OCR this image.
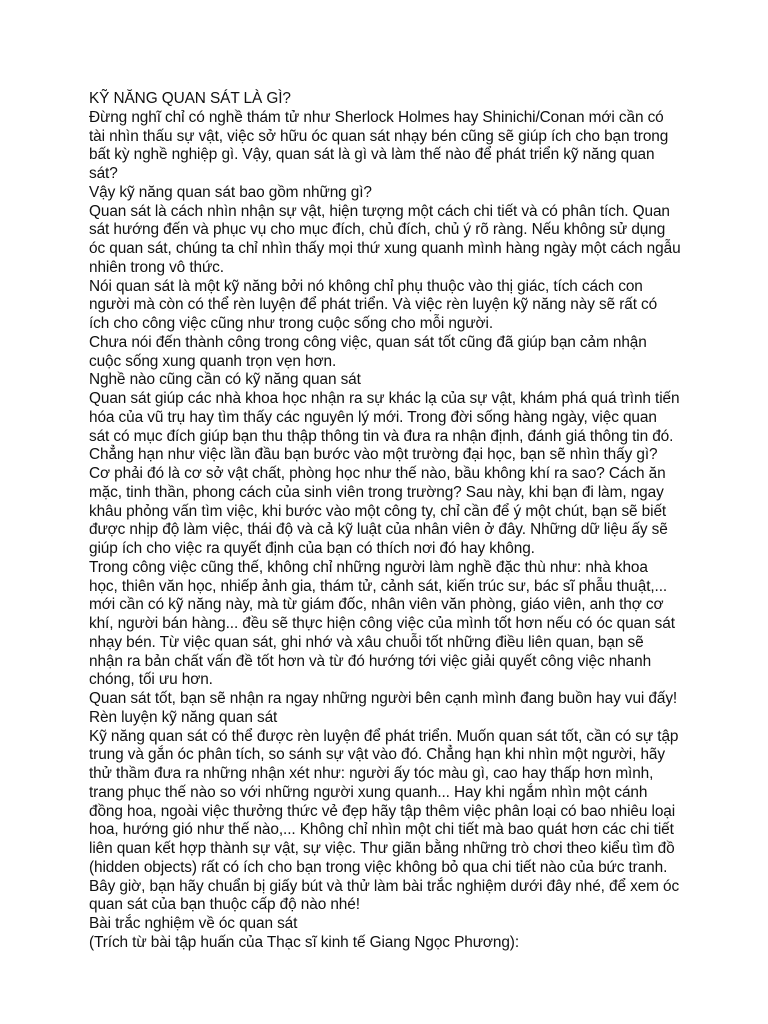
KỸ NĂNG QUAN SÁT LÀ GÌ?
Đừng nghĩ chỉ có nghề thám tử như Sherlock Holmes hay Shinichi/Conan mới cần có
tài nhìn thấu sự vật, việc sở hữu óc quan sát nhạy bén cũng sẽ giúp ích cho bạn trong
bất kỳ nghề nghiệp gì. Vậy, quan sát là gì và làm thế nào để phát triển kỹ năng quan
sát?
Vậy kỹ năng quan sát bao gồm những gì?
Quan sát là cách nhìn nhận sự vật, hiện tượng một cách chi tiết và có phân tích. Quan
sát hướng đến và phục vụ cho mục đích, chủ đích, chủ ý rõ ràng. Nếu không sử dụng
óc quan sát, chúng ta chỉ nhìn thấy mọi thứ xung quanh mình hàng ngày một cách ngẫu
nhiên trong vô thức.
Nói quan sát là một kỹ năng bởi nó không chỉ phụ thuộc vào thị giác, tích cách con
người mà còn có thể rèn luyện để phát triển. Và việc rèn luyện kỹ năng này sẽ rất có
ích cho công việc cũng như trong cuộc sống cho mỗi người.
Chưa nói đến thành công trong công việc, quan sát tốt cũng đã giúp bạn cảm nhận
cuộc sống xung quanh trọn vẹn hơn.
Nghề nào cũng cần có kỹ năng quan sát
Quan sát giúp các nhà khoa học nhận ra sự khác lạ của sự vật, khám phá quá trình tiến
hóa của vũ trụ hay tìm thấy các nguyên lý mới. Trong đời sống hàng ngày, việc quan
sát có mục đích giúp bạn thu thập thông tin và đưa ra nhận định, đánh giá thông tin đó.
Chẳng hạn như việc lần đầu bạn bước vào một trường đại học, bạn sẽ nhìn thấy gì?
Cơ phải đó là cơ sở vật chất, phòng học như thế nào, bầu không khí ra sao? Cách ăn
mặc, tinh thần, phong cách của sinh viên trong trường? Sau này, khi bạn đi làm, ngay
khâu phỏng vấn tìm việc, khi bước vào một công ty, chỉ cần để ý một chút, bạn sẽ biết
được nhịp độ làm việc, thái độ và cả kỹ luật của nhân viên ở đây. Những dữ liệu ấy sẽ
giúp ích cho việc ra quyết định của bạn có thích nơi đó hay không.
Trong công việc cũng thế, không chỉ những người làm nghề đặc thù như: nhà khoa
học, thiên văn học, nhiếp ảnh gia, thám tử, cảnh sát, kiến trúc sư, bác sĩ phẫu thuật,...
mới cần có kỹ năng này, mà từ giám đốc, nhân viên văn phòng, giáo viên, anh thợ cơ
khí, người bán hàng... đều sẽ thực hiện công việc của mình tốt hơn nếu có óc quan sát
nhạy bén. Từ việc quan sát, ghi nhớ và xâu chuỗi tốt những điều liên quan, bạn sẽ
nhận ra bản chất vấn đề tốt hơn và từ đó hướng tới việc giải quyết công việc nhanh
chóng, tối ưu hơn.
Quan sát tốt, bạn sẽ nhận ra ngay những người bên cạnh mình đang buồn hay vui đấy!
Rèn luyện kỹ năng quan sát
Kỹ năng quan sát có thể được rèn luyện để phát triển. Muốn quan sát tốt, cần có sự tập
trung và gắn óc phân tích, so sánh sự vật vào đó. Chẳng hạn khi nhìn một người, hãy
thử thầm đưa ra những nhận xét như: người ấy tóc màu gì, cao hay thấp hơn mình,
trang phục thế nào so với những người xung quanh... Hay khi ngắm nhìn một cánh
đồng hoa, ngoài việc thưởng thức vẻ đẹp hãy tập thêm việc phân loại có bao nhiêu loại
hoa, hướng gió như thế nào,... Không chỉ nhìn một chi tiết mà bao quát hơn các chi tiết
liên quan kết hợp thành sự vật, sự việc. Thư giãn bằng những trò chơi theo kiểu tìm đồ
(hidden objects) rất có ích cho bạn trong việc không bỏ qua chi tiết nào của bức tranh.
Bây giờ, bạn hãy chuẩn bị giấy bút và thử làm bài trắc nghiệm dưới đây nhé, để xem óc
quan sát của bạn thuộc cấp độ nào nhé!
Bài trắc nghiệm về óc quan sát
(Trích từ bài tập huấn của Thạc sĩ kinh tế Giang Ngọc Phương):
